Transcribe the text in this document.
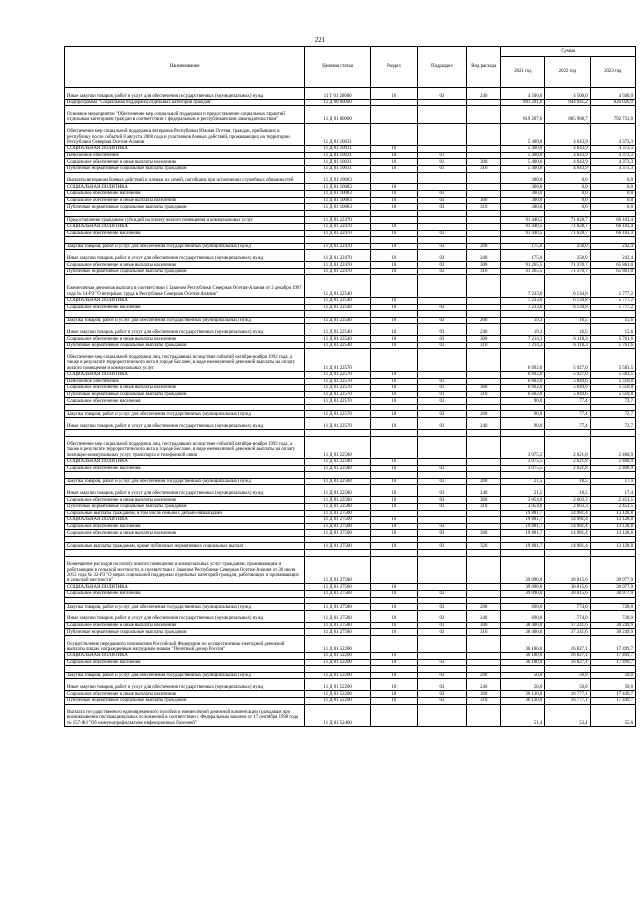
221
Наименование	Целевая статья	Раздел	Подраздел	Вид расхода	Сумма		
					2021 год	2022 год	2023 год
Иные закупки товаров, работ и услуг для обеспечения государственных (муниципальных) нужд	11 Г 01 20000	10	03	240	4 500,0	4 500,0	4 500,0
Подпрограмма "Социальная поддержка отдельных категорий граждан"	11 Д 00 00000				881 291,6	844 041,2	826 026,9
Основное мероприятие "Обеспечение мер социальной поддержки и предоставление социальных гарантий отдельным категориям граждан в соответствии с федеральным и республиканским законодательством"	11 Д 01 00000				819 207,6	805 988,7	792 731,0
Обеспечение мер социальной поддержки ветеранов Республики Южная Осетия, граждан, прибывших в республику после событий 8 августа 2008 года и участников боевых действий, проживающих на территории Республики Северная Осетия-Алания	11 Д 01 10031				5 400,0	4 643,9	4 373,3
СОЦИАЛЬНАЯ ПОЛИТИКА	11 Д 01 10031	10			5 400,0	4 643,9	4 373,3
Пенсионное обеспечение	11 Д 01 10031	10	01		5 400,0	4 643,9	4 373,3
Социальное обеспечение и иные выплаты населению	11 Д 01 10031	10	01	300	5 400,0	4 643,9	4 373,3
Публичные нормативные социальные выплаты гражданам	11 Д 01 10031	10	01	310	5 400,0	4 643,9	4 373,3
Выплаты ветеранам боевых действий и членам их семей, погибшим при исполнении служебных обязанностей	11 Д 01 10083				300,0	0,0	0,0
СОЦИАЛЬНАЯ ПОЛИТИКА	11 Д 01 10083	10			300,0	0,0	0,0
Социальное обеспечение населения	11 Д 01 10083	10	03		300,0	0,0	0,0
Социальное обеспечение и иные выплаты населению	11 Д 01 10083	10	03	300	300,0	0,0	0,0
Публичные нормативные социальные выплаты гражданам	11 Д 01 10083	10	03	310	300,0	0,0	0,0

Предоставление гражданам субсидий на оплату жилого помещения и коммунальных услуг	11 Д 01 22470				91 440,5	71 628,7	66 103,4
СОЦИАЛЬНАЯ ПОЛИТИКА	11 Д 01 22470	10			91 440,5	71 628,7	66 103,4
Социальное обеспечение населения	11 Д 01 22470	10	03		91 440,5	71 628,7	66 103,4

Закупка товаров, работ и услуг для обеспечения государственных (муниципальных) нужд	11 Д 01 22470	10	03	200	175,0	258,0	242,4
Иные закупки товаров, работ и услуг для обеспечения государственных (муниципальных) нужд	11 Д 01 22470	10	03	240	175,0	258,0	242,4
Социальное обеспечение и иные выплаты населению	11 Д 01 22470	10	03	300	91 265,5	71 370,7	65 861,0
Публичные нормативные социальные выплаты гражданам	11 Д 01 22470	10	03	310	91 265,5	71 370,7	65 861,0
Ежемесячная денежная выплата в соответствии с Законом Республики Северная Осетия-Алания от 2 декабря 1997 года № 14-РЗ "О ветеранах труда в Республике Северная Осетия-Алания"	11 Д 01 22540				7 233,6	6 134,8	5 777,2
СОЦИАЛЬНАЯ ПОЛИТИКА	11 Д 01 22540	10			7 233,6	6 134,8	5 777,2
Социальное обеспечение населения	11 Д 01 22540	10	03		7 233,6	6 134,8	5 777,2

Закупка товаров, работ и услуг для обеспечения государственных (муниципальных) нужд	11 Д 01 22540	10	03	200	19,3	16,5	15,6
Иные закупки товаров, работ и услуг для обеспечения государственных (муниципальных) нужд	11 Д 01 22540	10	03	240	19,3	16,5	15,6
Социальное обеспечение и иные выплаты населению	11 Д 01 22540	10	03	300	7 214,3	6 118,3	5 761,6
Публичные нормативные социальные выплаты гражданам	11 Д 01 22540	10	03	310	7 214,3	6 118,3	5 761,6
Обеспечение мер социальной поддержки лиц, пострадавших вследствие событий октября-ноября 1992 года, а также в результате террористического акта в городе Беслане, в виде ежемесячной денежной выплаты на оплату жилого помещения и коммунальных услуг	11 Д 01 22570				6 692,0	5 927,0	5 583,5
СОЦИАЛЬНАЯ ПОЛИТИКА	11 Д 01 22570	10			6 692,0	5 927,0	5 583,5
Пенсионное обеспечение	11 Д 01 22570	10	01		6 602,0	5 849,6	5 510,8
Социальное обеспечение и иные выплаты населению	11 Д 01 22570	10	01	300	6 602,0	5 849,6	5 510,8
Публичные нормативные социальные выплаты гражданам	11 Д 01 22570	10	01	310	6 602,0	5 849,6	5 510,8
Социальное обеспечение населения	11 Д 01 22570	10	03		90,0	77,4	72,7

Закупка товаров, работ и услуг для обеспечения государственных (муниципальных) нужд	11 Д 01 22570	10	03	200	90,0	77,4	72,7
Иные закупки товаров, работ и услуг для обеспечения государственных (муниципальных) нужд	11 Д 01 22570	10	03	240	90,0	77,4	72,7

Обеспечение мер социальной поддержки лиц, пострадавших вследствие событий октября-ноября 1992 года, а также в результате террористического акта в городе Беслане, в виде ежемесячной денежной выплаты на оплату жилищно-коммунальных услуг, транспорта и телефонной связи	11 Д 01 22580				3 075,5	2 621,8	2 468,9
СОЦИАЛЬНАЯ ПОЛИТИКА	11 Д 01 22580	10			3 075,5	2 621,8	2 468,9
Социальное обеспечение населения	11 Д 01 22580	10	03		3 075,5	2 621,8	2 468,9

Закупка товаров, работ и услуг для обеспечения государственных (муниципальных) нужд	11 Д 01 22580	10	03	200	21,5	18,5	17,4
Иные закупки товаров, работ и услуг для обеспечения государственных (муниципальных) нужд	11 Д 01 22580	10	03	240	21,5	18,5	17,4
Социальное обеспечение и иные выплаты населению	11 Д 01 22580	10	03	300	3 054,0	2 603,3	2 451,5
Публичные нормативные социальные выплаты гражданам	11 Д 01 22580	10	03	310	3 054,0	2 603,3	2 451,5
Социальные выплаты гражданам, в том числе семьям с детьми-инвалидами	11 Д 01 27500				19 881,7	14 981,4	13 128,8
СОЦИАЛЬНАЯ ПОЛИТИКА	11 Д 01 27500	10			19 881,7	14 981,4	13 128,8
Социальное обеспечение населения	11 Д 01 27500	10	03		19 881,7	14 981,4	13 128,8
Социальное обеспечение и иные выплаты населению	11 Д 01 27500	10	03	300	19 881,7	14 981,4	13 128,8

Социальные выплаты гражданам, кроме публичных нормативных социальных выплат	11 Д 01 27500	10	03	320	19 881,7	14 981,4	13 128,8

Возмещение расходов на оплату жилого помещения и коммунальных услуг гражданам, проживающим и работающим в сельской местности, в соответствии с Законом Республики Северная Осетия-Алания от 30 июля 2012 года № 32-РЗ "О мерах социальной поддержки отдельных категорий граждан, работающих и проживающих в сельской местности"	11 Д 01 27580				39 090,0	38 015,6	30 977,9
СОЦИАЛЬНАЯ ПОЛИТИКА	11 Д 01 27580	10			39 090,0	38 015,6	30 977,9
Социальное обеспечение населения	11 Д 01 27580	10	03		39 090,0	38 015,6	30 977,9

Закупка товаров, работ и услуг для обеспечения государственных (муниципальных) нужд	11 Д 01 27580	10	03	200	690,0	774,0	728,0
Иные закупки товаров, работ и услуг для обеспечения государственных (муниципальных) нужд	11 Д 01 27580	10	03	240	690,0	774,0	728,0
Социальное обеспечение и иные выплаты населению	11 Д 01 27580	10	03	300	38 400,0	37 241,6	30 249,9
Публичные нормативные социальные выплаты гражданам	11 Д 01 27580	10	03	310	38 400,0	37 241,6	30 249,9
Осуществление переданного полномочия Российской Федерации по осуществлению ежегодной денежной выплаты лицам, награжденным нагрудным знаком "Почетный донор России"	11 Д 01 52200				36 180,0	16 827,1	17 499,7
СОЦИАЛЬНАЯ ПОЛИТИКА	11 Д 01 52200	10			36 180,0	16 827,1	17 499,7
Социальное обеспечение населения	11 Д 01 52200	10	03		36 180,0	16 827,1	17 499,7

Закупка товаров, работ и услуг для обеспечения государственных (муниципальных) нужд	11 Д 01 52200	10	03	200	50,0	50,0	50,0
Иные закупки товаров, работ и услуг для обеспечения государственных (муниципальных) нужд	11 Д 01 52200	10	03	240	50,0	50,0	50,0
Социальное обеспечение и иные выплаты населению	11 Д 01 52200	10	03	300	36 130,0	16 777,1	17 449,7
Публичные нормативные социальные выплаты гражданам	11 Д 01 52200	10	03	310	36 130,0	16 777,1	17 449,7
Выплата государственного единовременного пособия и ежемесячной денежной компенсации гражданам при возникновении поствакцинальных осложнений в соответствии с Федеральным законом от 17 сентября 1998 года № 157-ФЗ "Об иммунопрофилактике инфекционных болезней"	11 Д 01 52400				51,4	53,4	55,6
